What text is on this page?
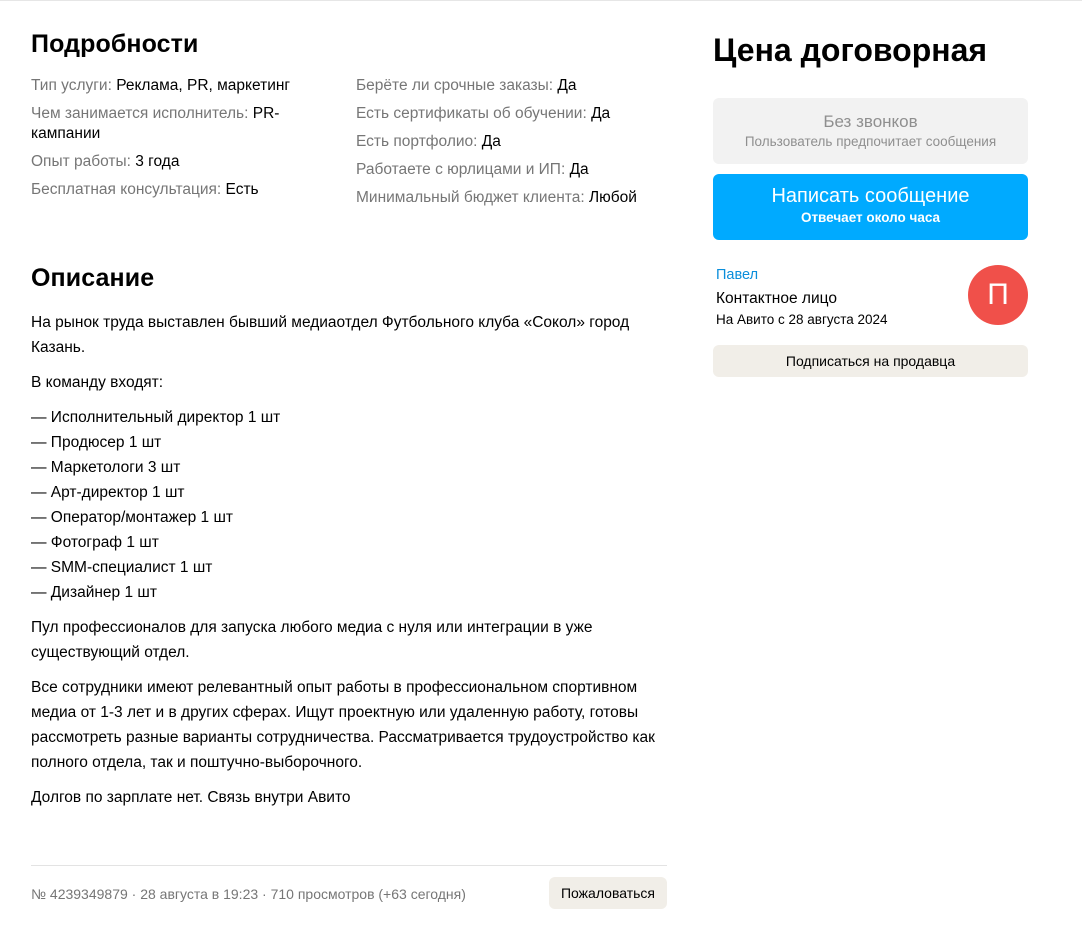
Подробности
Тип услуги: Реклама, PR, маркетинг
Чем занимается исполнитель: PR-кампании
Опыт работы: 3 года
Бесплатная консультация: Есть
Берёте ли срочные заказы: Да
Есть сертификаты об обучении: Да
Есть портфолио: Да
Работаете с юрлицами и ИП: Да
Минимальный бюджет клиента: Любой
Описание

На рынок труда выставлен бывший медиаотдел Футбольного клуба «Сокол» город Казань.

В команду входят:

— Исполнительный директор 1 шт
— Продюсер 1 шт
— Маркетологи 3 шт
— Арт-директор 1 шт
— Оператор/монтажер 1 шт
— Фотограф 1 шт
— SMM-специалист 1 шт
— Дизайнер 1 шт

Пул профессионалов для запуска любого медиа с нуля или интеграции в уже существующий отдел.

Все сотрудники имеют релевантный опыт работы в профессиональном спортивном медиа от 1-3 лет и в других сферах. Ищут проектную или удаленную работу, готовы рассмотреть разные варианты сотрудничества. Рассматривается трудоустройство как полного отдела, так и поштучно-выборочного.

Долгов по зарплате нет. Связь внутри Авито

№ 4239349879 · 28 августа в 19:23 · 710 просмотров (+63 сегодня)	Пожаловаться
Цена договорная
Без звонков
Пользователь предпочитает сообщения
Написать сообщение
Отвечает около часа
Павел
Контактное лицо
На Авито с 28 августа 2024
П
Подписаться на продавца
